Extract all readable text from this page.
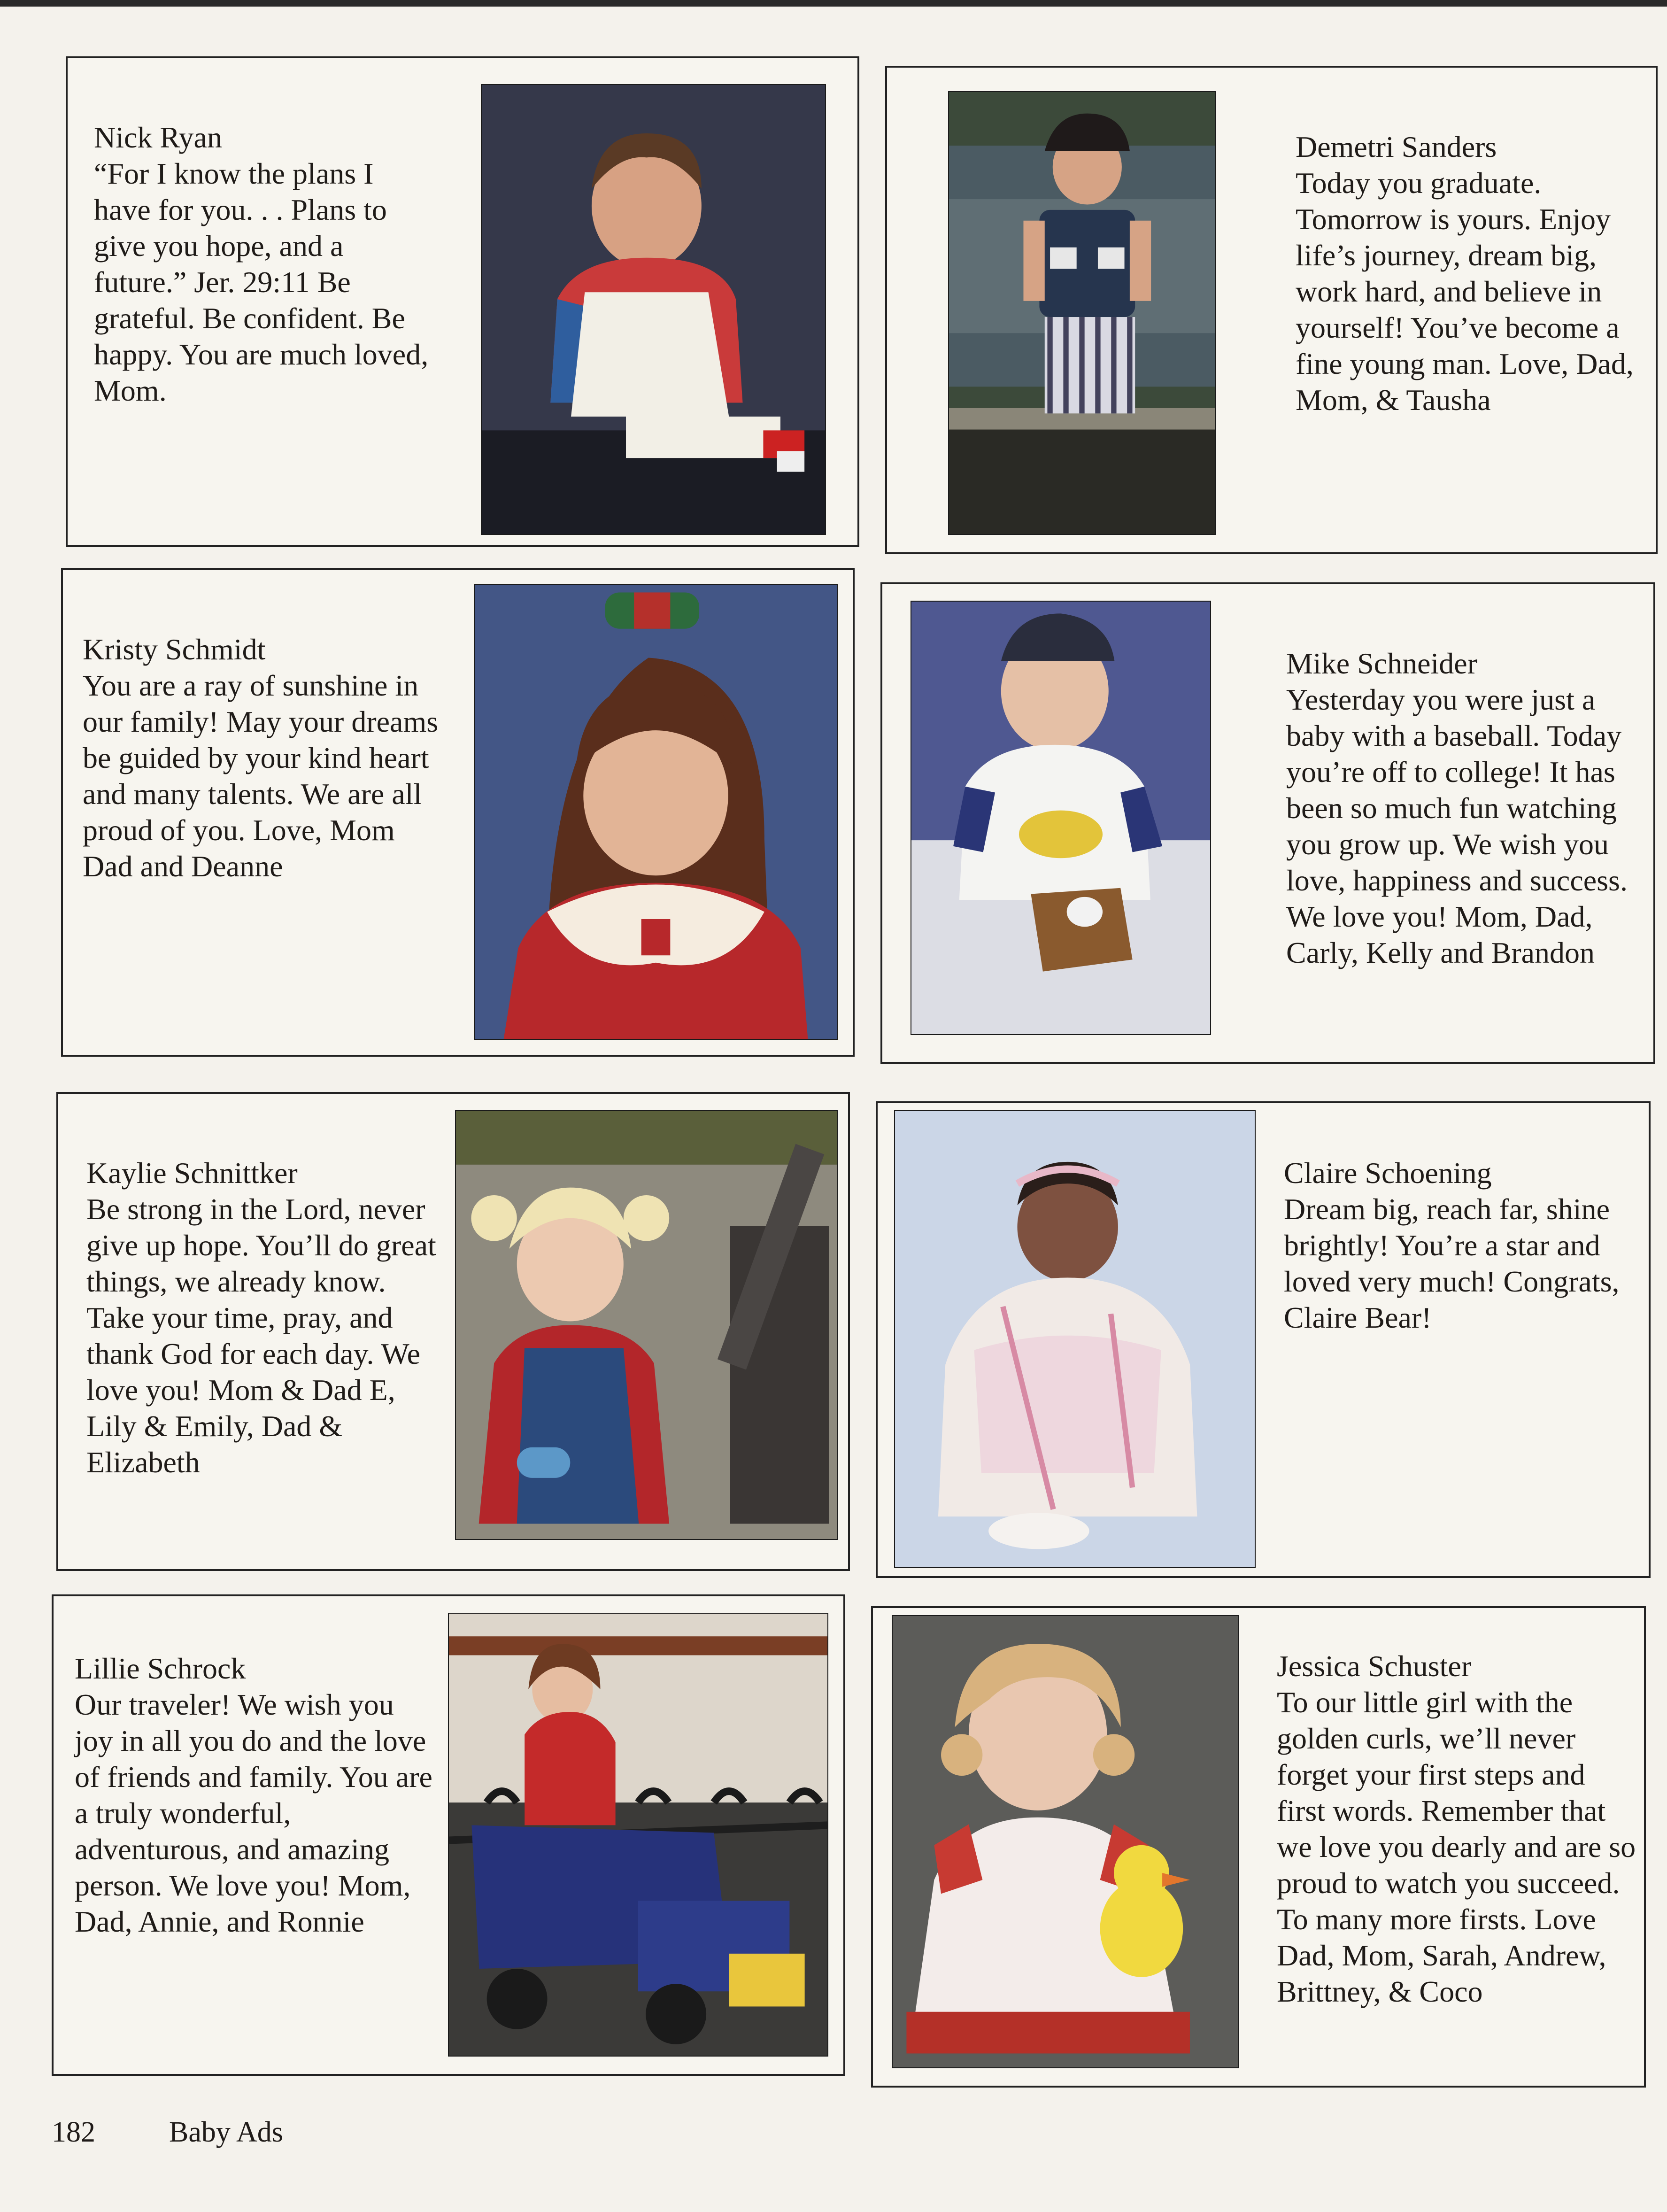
Nick Ryan

“For I know the plans I have for you. . . Plans to give you hope, and a future.” Jer. 29:11 Be grateful. Be confident. Be happy. You are much loved, Mom.

Demetri Sanders

Today you graduate. Tomorrow is yours. Enjoy life’s journey, dream big, work hard, and believe in yourself! You’ve become a fine young man. Love, Dad, Mom, & Tausha

Kristy Schmidt

You are a ray of sunshine in our family! May your dreams be guided by your kind heart and many talents. We are all proud of you. Love, Mom Dad and Deanne

Mike Schneider

Yesterday you were just a baby with a baseball. Today you’re off to college! It has been so much fun watching you grow up. We wish you love, happiness and success. We love you! Mom, Dad, Carly, Kelly and Brandon

Kaylie Schnittker

Be strong in the Lord, never give up hope. You’ll do great things, we already know. Take your time, pray, and thank God for each day. We love you! Mom & Dad E, Lily & Emily, Dad & Elizabeth

Claire Schoening

Dream big, reach far, shine brightly! You’re a star and loved very much! Congrats, Claire Bear!

Lillie Schrock

Our traveler! We wish you joy in all you do and the love of friends and family. You are a truly wonderful, adventurous, and amazing person. We love you! Mom, Dad, Annie, and Ronnie

Jessica Schuster

To our little girl with the golden curls, we’ll never forget your first steps and first words. Remember that we love you dearly and are so proud to watch you succeed. To many more firsts. Love Dad, Mom, Sarah, Andrew, Brittney, & Coco

182	Baby Ads
